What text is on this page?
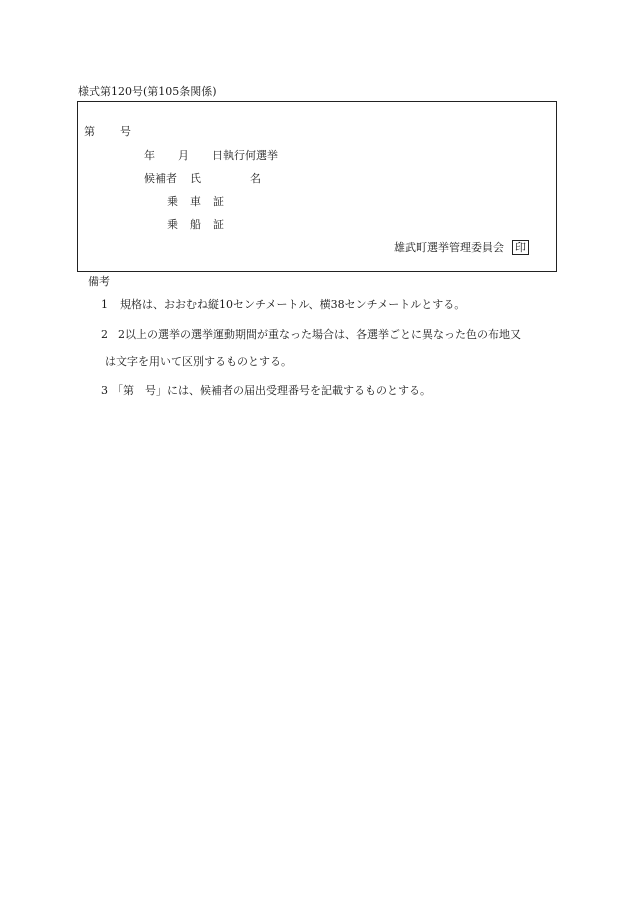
様式第120号(第105条関係)
第 号
年 月 日執行何選挙
候補者 氏	名
乗 車 証
乗 船 証
雄武町選挙管理委員会 印
備考
1 規格は、おおむね縦10センチメートル、横38センチメートルとする。
2 2以上の選挙の選挙運動期間が重なった場合は、各選挙ごとに異なった色の布地又
は文字を用いて区別するものとする。
3 「第　号」には、候補者の届出受理番号を記載するものとする。
